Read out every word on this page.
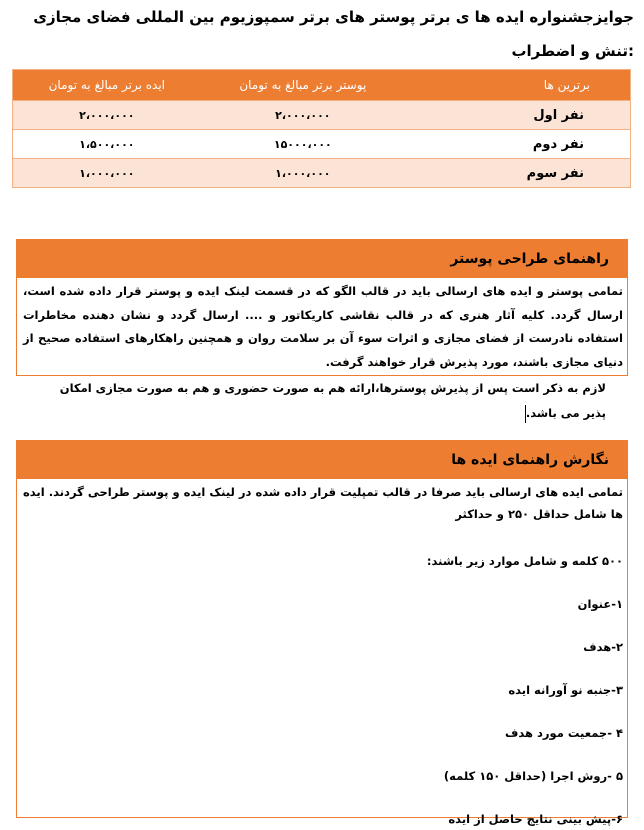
جوایزجشنواره ایده ها ی برتر پوستر های برتر سمپوزیوم بین المللی فضای مجازی :تنش و اضطراب
برترین ها	پوستر برتر مبالغ به تومان	ایده برتر مبالغ به تومان
نفر اول	۲،۰۰۰،۰۰۰	۲،۰۰۰،۰۰۰
نفر دوم	۱۵۰۰۰،۰۰۰	۱،۵۰۰،۰۰۰
نفر سوم	۱،۰۰۰،۰۰۰	۱،۰۰۰،۰۰۰
راهنمای طراحی پوستر
تمامی پوستر و ایده های ارسالی باید در قالب الگو که در قسمت لینک ایده و پوستر قرار داده شده است، ارسال گردد. کلیه آثار هنری که در قالب نقاشی کاریکاتور و .... ارسال گردد و نشان دهنده مخاطرات استفاده نادرست از فضای مجازی و اثرات سوء آن بر سلامت روان و همچنین راهکارهای استفاده صحیح از دنیای مجازی باشند، مورد پذیرش قرار خواهند گرفت.
لازم به ذکر است پس از پذیرش پوسترها،ارائه هم به صورت حضوری و هم به صورت مجازی امکان پذیر می باشد.
نگارش راهنمای ایده ها

تمامی ایده های ارسالی باید صرفا در قالب تمپلیت قرار داده شده در لینک ایده و پوستر طراحی گردند. ایده ها شامل حداقل ۲۵۰ و حداکثر

۵۰۰ کلمه و شامل موارد زیر باشند:

۱-عنوان

۲-هدف

۳-جنبه نو آورانه ایده

۴ -جمعیت مورد هدف

۵ -روش اجرا (حداقل ۱۵۰ کلمه)

۶-پیش بینی نتایج حاصل از ایده
